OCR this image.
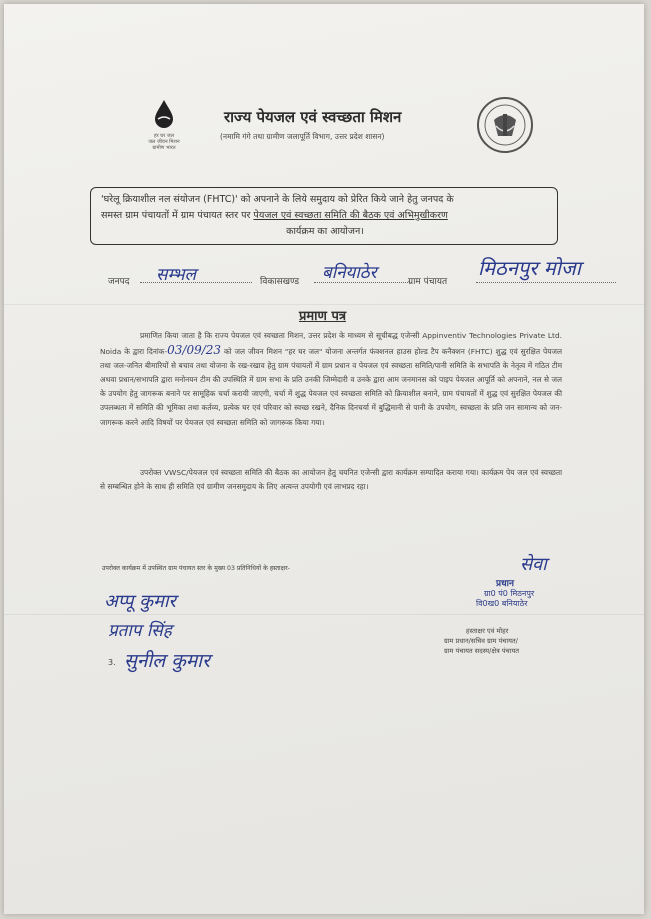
हर घर जल
जल जीवन मिशन
ग्रामीण भारत
राज्य पेयजल एवं स्वच्छता मिशन
(नमामि गंगे तथा ग्रामीण जलापूर्ति विभाग, उत्तर प्रदेश शासन)
'घरेलू क्रियाशील नल संयोजन (FHTC)' को अपनाने के लिये समुदाय को प्रेरित किये जाने हेतु जनपद के
समस्त ग्राम पंचायतों में ग्राम पंचायत स्तर पर पेयजल एवं स्वच्छता समिति की बैठक एवं अभिमुखीकरण

कार्यक्रम का आयोजन।
जनपद सम्भल	विकासखण्ड बनियाठेर	ग्राम पंचायत
मिठनपुर मोजा
प्रमाण पत्र
प्रमाणित किया जाता है कि राज्य पेयजल एवं स्वच्छता मिशन, उत्तर प्रदेश के माध्यम से सूचीबद्ध एजेन्सी Appinventiv Technologies Private Ltd. Noida के द्वारा दिनांक-03/09/23 को जल जीवन मिशन "हर घर जल" योजना अन्तर्गत फंक्शनल हाउस होल्ड टैप कनैक्शन (FHTC) शुद्ध एवं सुरक्षित पेयजल तथा जल-जनित बीमारियों से बचाव तथा योजना के रख-रखाव हेतु ग्राम पंचायतों में ग्राम प्रधान व पेयजल एवं स्वच्छता समिति/पानी समिति के सभापति के नेतृत्व में गठित टीम अथवा प्रधान/सभापति द्वारा मनोनयन टीम की उपस्थिति में ग्राम सभा के प्रति उनकी जिम्मेदारी व उनके द्वारा आम जनमानस को पाइप पेयजल आपूर्ति को अपनाने, नल से जल के उपयोग हेतु जागरूक बनाने पर सामूहिक चर्चा करायी जाएगी, चर्चा में शुद्ध पेयजल एवं स्वच्छता समिति को क्रियाशील बनाने, ग्राम पंचायतों में शुद्ध एवं सुरक्षित पेयजल की उपलब्धता में समिति की भूमिका तथा कर्तव्य, प्रत्येक घर एवं परिवार को स्वच्छ रखने, दैनिक दिनचर्या में बुद्धिमानी से पानी के उपयोग, स्वच्छता के प्रति जन सामान्य को जन-जागरूक करने आदि विषयों पर पेयजल एवं स्वच्छता समिति को जागरूक किया गया।
उपरोक्त VWSC/पेयजल एवं स्वच्छता समिति की बैठक का आयोजन हेतु चयनित एजेन्सी द्वारा कार्यक्रम सम्पादित कराया गया। कार्यक्रम पेय जल एवं स्वच्छता से सम्बन्धित होने के साथ ही समिति एवं ग्रामीण जनसमुदाय के लिए अत्यन्त उपयोगी एवं लाभप्रद रहा।
उपरोक्त कार्यक्रम में उपस्थित ग्राम पंचायत स्तर के मुख्य 03 प्रतिनिधियों के हस्ताक्षर-
अप्पू कुमार
प्रताप सिंह
3. सुनील कुमार
सेवा
प्रधान
ग्रा0 पं0 मिठनपुर
वि0ख0 बनियाठेर
हस्ताक्षर एवं मोहर
ग्राम प्रधान/सचिव ग्राम पंचायत/
ग्राम पंचायत सदस्य/क्षेत्र पंचायत
